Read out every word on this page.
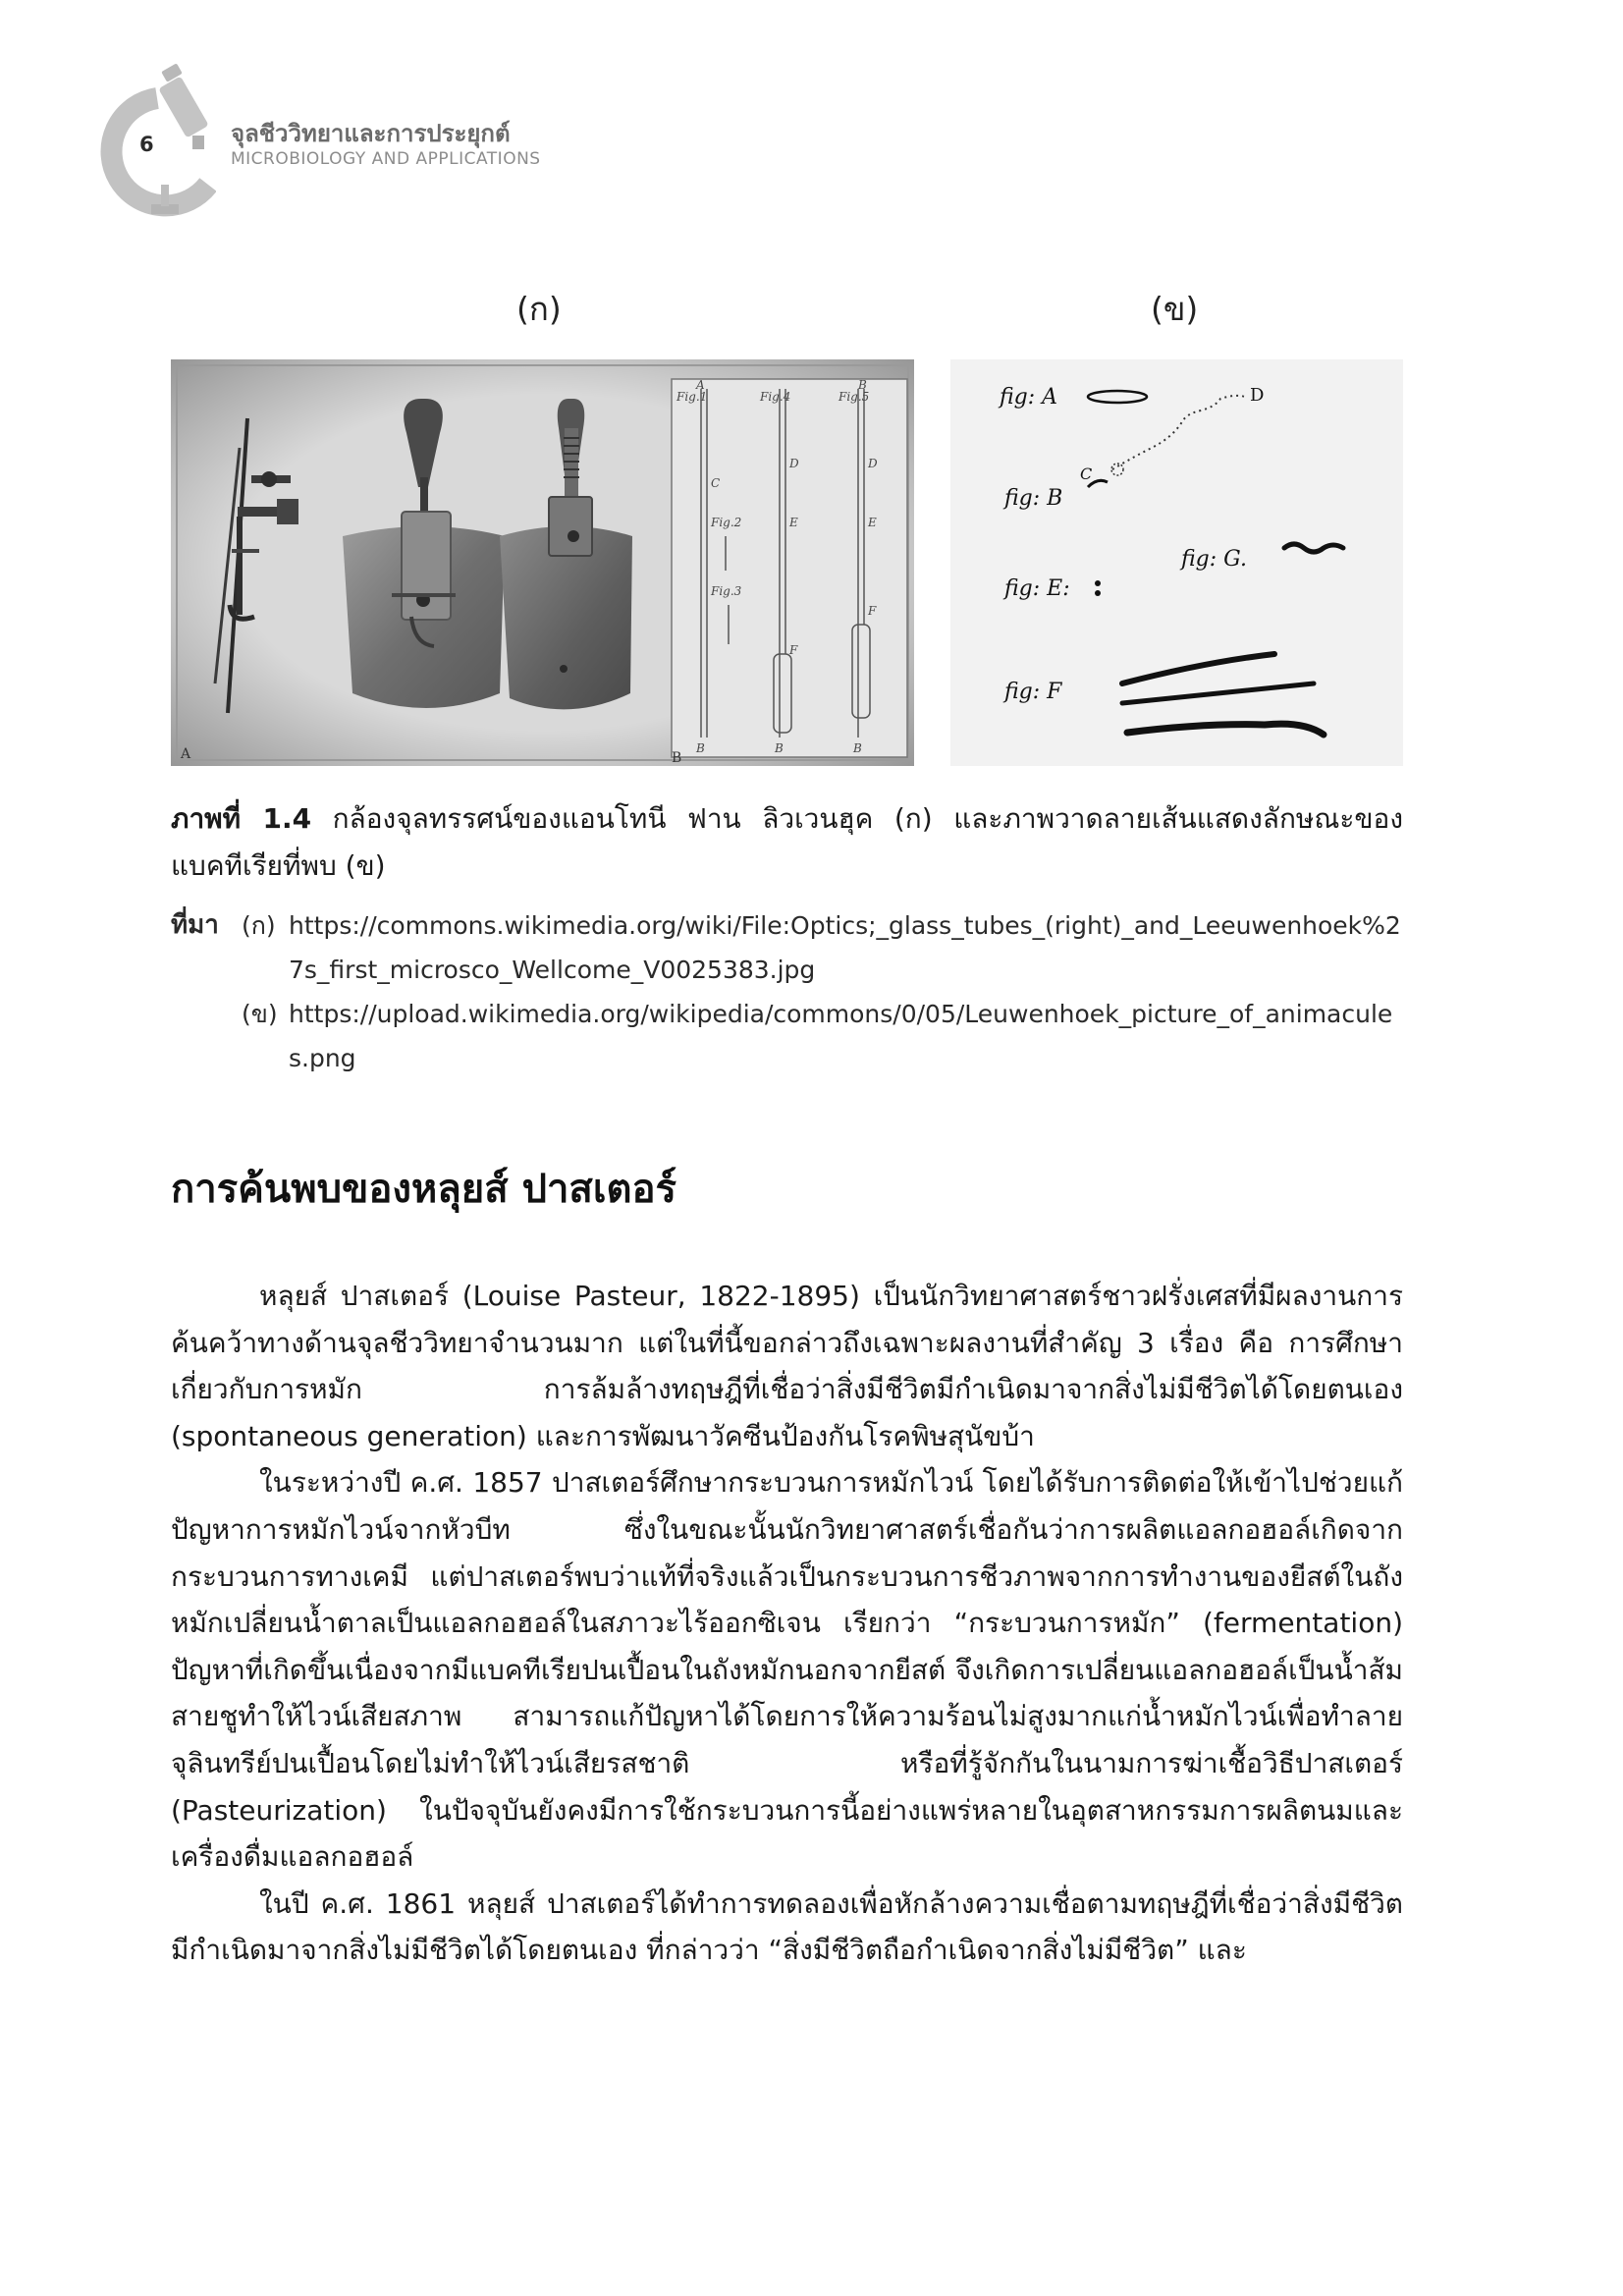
6	จุลชีววิทยาและการประยุกต์
MICROBIOLOGY AND APPLICATIONS
(ก)	(ข)
Fig.1	Fig.4	Fig.5
C
Fig.2
Fig.3
D
E
F
D
E
F
A	B
B	B	B
A	B
fig: A	D
fig: B
C
fig: G.
fig: E:
fig: F
ภาพที่ 1.4 กล้องจุลทรรศน์ของแอนโทนี ฟาน ลิวเวนฮุค (ก) และภาพวาดลายเส้นแสดงลักษณะของแบคทีเรียที่พบ (ข)
ที่มา (ก) https://commons.wikimedia.org/wiki/File:Optics;_glass_tubes_(right)_and_Leeuwenhoek%27s_first_microsco_Wellcome_V0025383.jpg
(ข) https://upload.wikimedia.org/wikipedia/commons/0/05/Leuwenhoek_picture_of_animacules.png
การค้นพบของหลุยส์ ปาสเตอร์

หลุยส์ ปาสเตอร์ (Louise Pasteur, 1822-1895) เป็นนักวิทยาศาสตร์ชาวฝรั่งเศสที่มีผลงานการค้นคว้าทางด้านจุลชีววิทยาจำนวนมาก แต่ในที่นี้ขอกล่าวถึงเฉพาะผลงานที่สำคัญ 3 เรื่อง คือ การศึกษาเกี่ยวกับการหมัก การล้มล้างทฤษฎีที่เชื่อว่าสิ่งมีชีวิตมีกำเนิดมาจากสิ่งไม่มีชีวิตได้โดยตนเอง (spontaneous generation) และการพัฒนาวัคซีนป้องกันโรคพิษสุนัขบ้า

ในระหว่างปี ค.ศ. 1857 ปาสเตอร์ศึกษากระบวนการหมักไวน์ โดยได้รับการติดต่อให้เข้าไปช่วยแก้ปัญหาการหมักไวน์จากหัวบีท ซึ่งในขณะนั้นนักวิทยาศาสตร์เชื่อกันว่าการผลิตแอลกอฮอล์เกิดจากกระบวนการทางเคมี แต่ปาสเตอร์พบว่าแท้ที่จริงแล้วเป็นกระบวนการชีวภาพจากการทำงานของยีสต์ในถังหมักเปลี่ยนน้ำตาลเป็นแอลกอฮอล์ในสภาวะไร้ออกซิเจน เรียกว่า “กระบวนการหมัก” (fermentation) ปัญหาที่เกิดขึ้นเนื่องจากมีแบคทีเรียปนเปื้อนในถังหมักนอกจากยีสต์ จึงเกิดการเปลี่ยนแอลกอฮอล์เป็นน้ำส้มสายชูทำให้ไวน์เสียสภาพ สามารถแก้ปัญหาได้โดยการให้ความร้อนไม่สูงมากแก่น้ำหมักไวน์เพื่อทำลายจุลินทรีย์ปนเปื้อนโดยไม่ทำให้ไวน์เสียรสชาติ หรือที่รู้จักกันในนามการฆ่าเชื้อวิธีปาสเตอร์ (Pasteurization) ในปัจจุบันยังคงมีการใช้กระบวนการนี้อย่างแพร่หลายในอุตสาหกรรมการผลิตนมและเครื่องดื่มแอลกอฮอล์

ในปี ค.ศ. 1861 หลุยส์ ปาสเตอร์ได้ทำการทดลองเพื่อหักล้างความเชื่อตามทฤษฎีที่เชื่อว่าสิ่งมีชีวิตมีกำเนิดมาจากสิ่งไม่มีชีวิตได้โดยตนเอง ที่กล่าวว่า “สิ่งมีชีวิตถือกำเนิดจากสิ่งไม่มีชีวิต” และ
